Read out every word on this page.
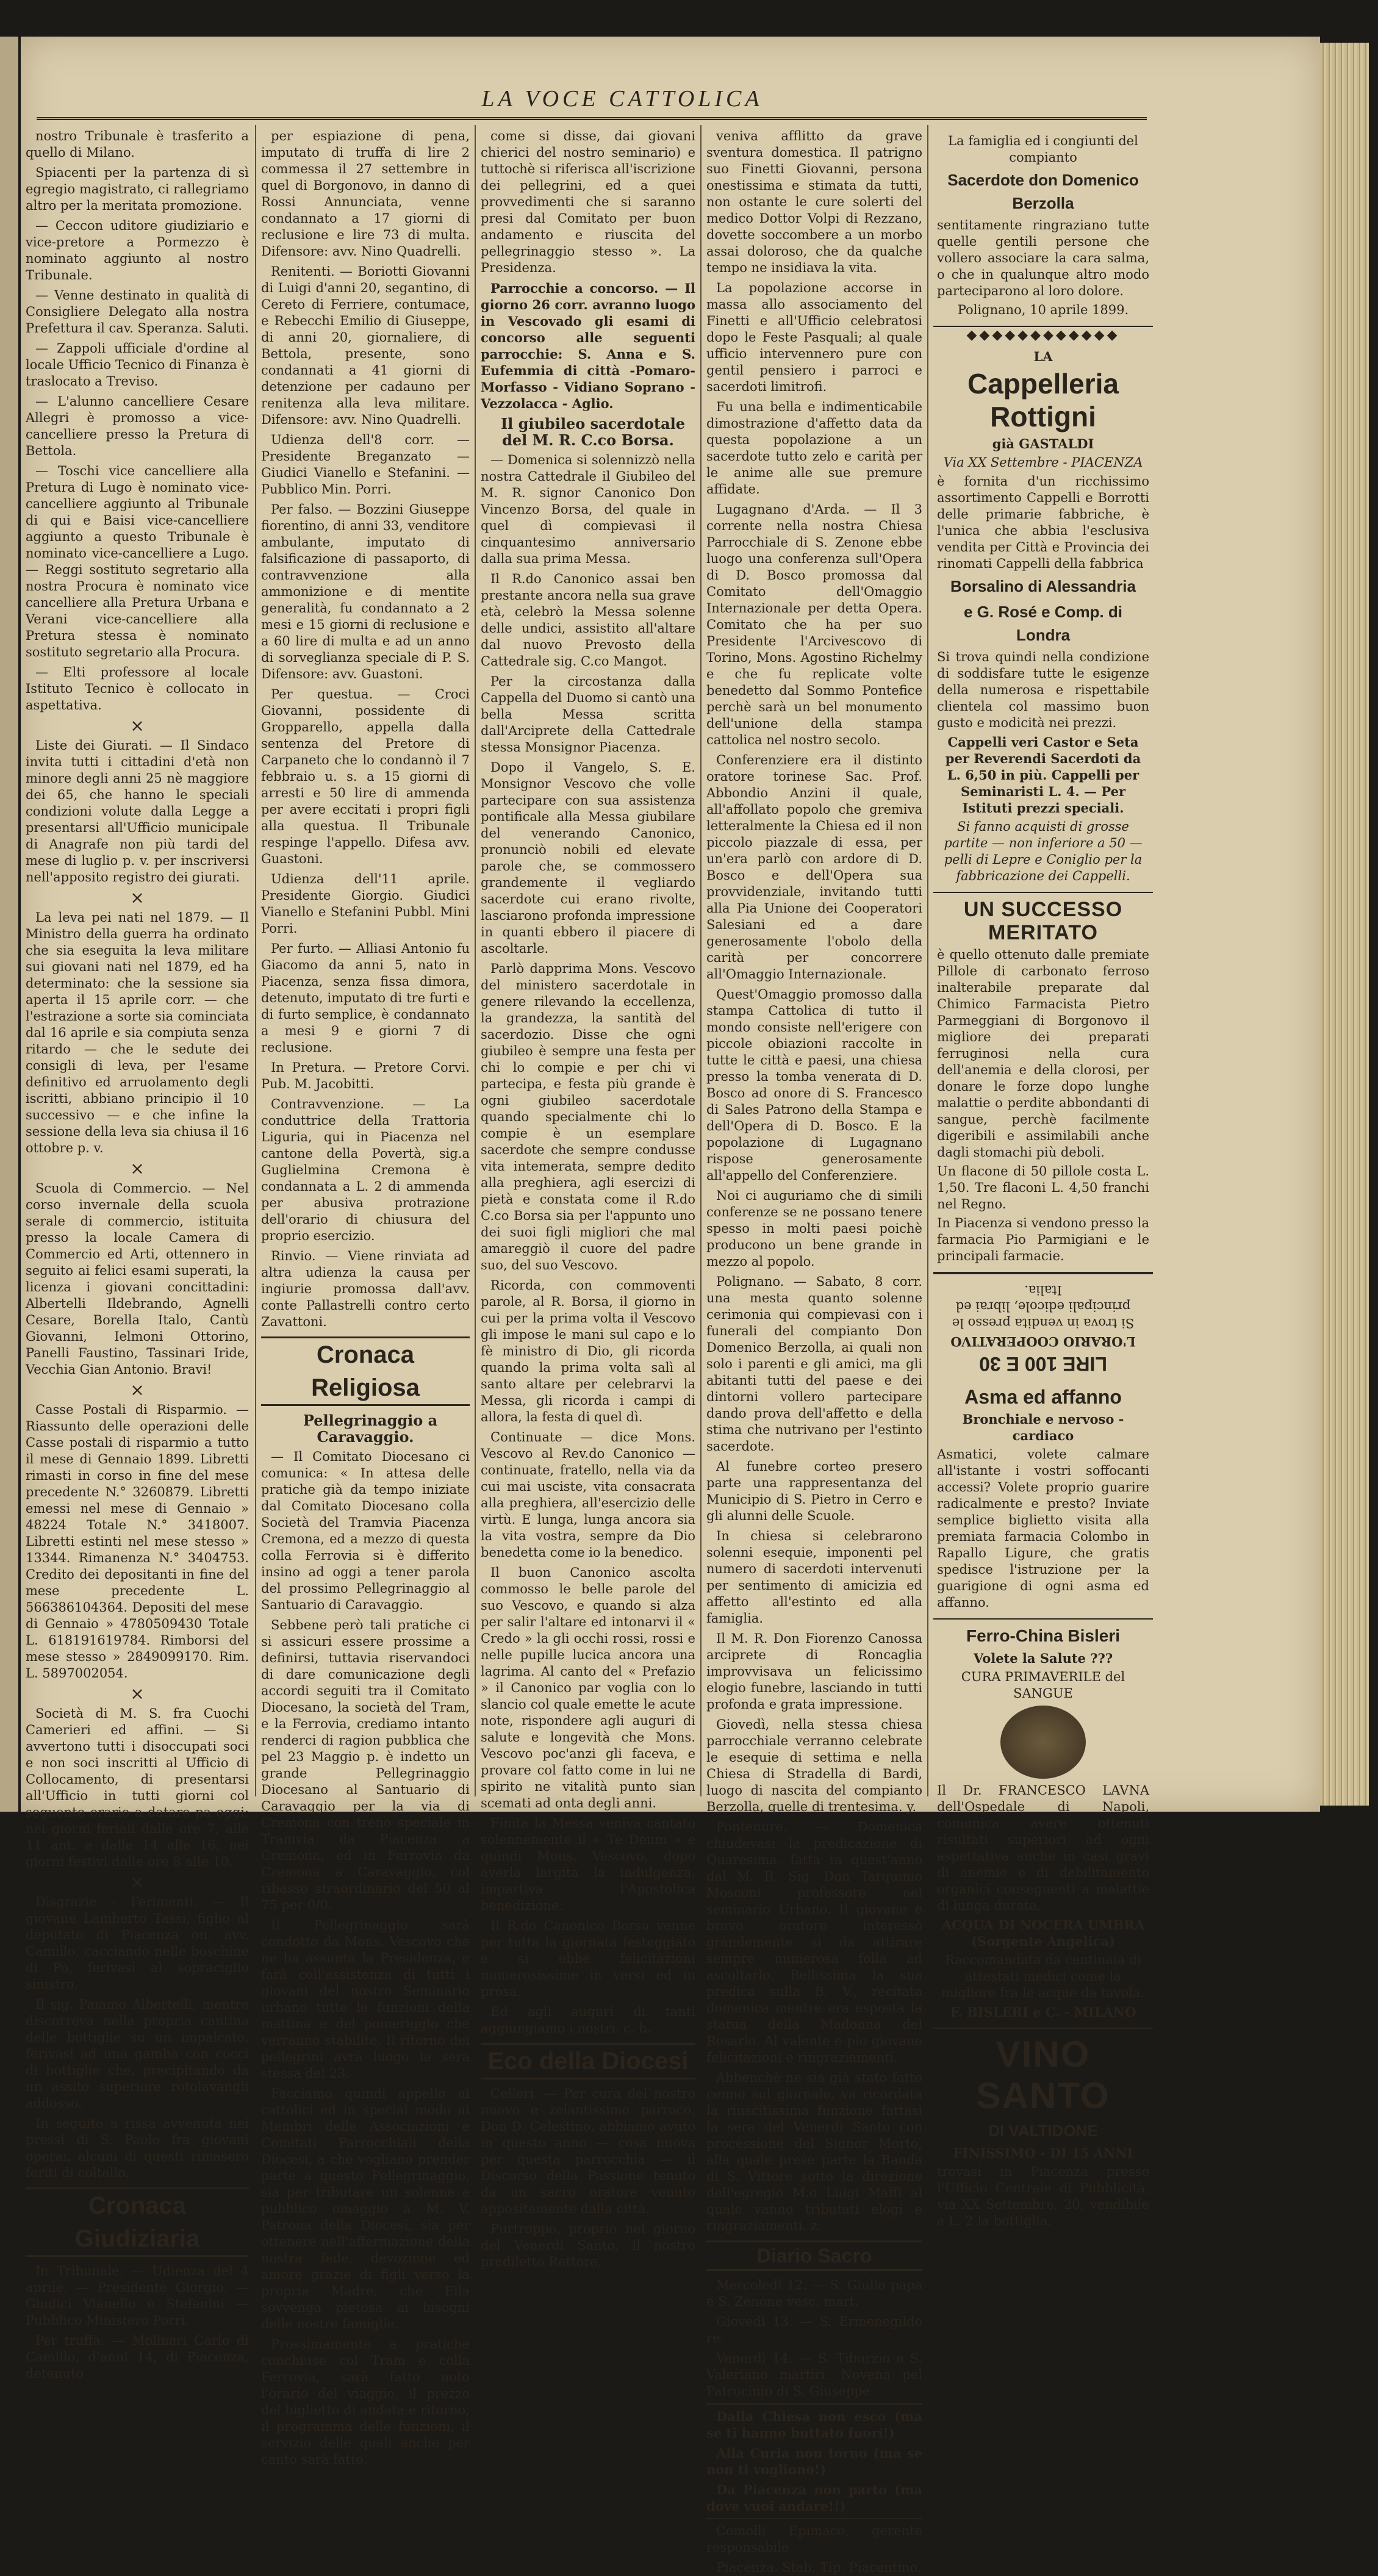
LA VOCE CATTOLICA

nostro Tribunale è trasferito a quello di Milano.

Spiacenti per la partenza di sì egregio magistrato, ci rallegriamo altro per la meritata promozione.

— Ceccon uditore giudiziario e vice-pretore a Pormezzo è nominato aggiunto al nostro Tribunale.

— Venne destinato in qualità di Consigliere Delegato alla nostra Prefettura il cav. Speranza. Saluti.

— Zappoli ufficiale d'ordine al locale Ufficio Tecnico di Finanza è traslocato a Treviso.

— L'alunno cancelliere Cesare Allegri è promosso a vice-cancelliere presso la Pretura di Bettola.

— Toschi vice cancelliere alla Pretura di Lugo è nominato vice-cancelliere aggiunto al Tribunale di qui e Baisi vice-cancelliere aggiunto a questo Tribunale è nominato vice-cancelliere a Lugo. — Reggi sostituto segretario alla nostra Procura è nominato vice cancelliere alla Pretura Urbana e Verani vice-cancelliere alla Pretura stessa è nominato sostituto segretario alla Procura.

— Elti professore al locale Istituto Tecnico è collocato in aspettativa.

×

Liste dei Giurati. — Il Sindaco invita tutti i cittadini d'età non minore degli anni 25 nè maggiore dei 65, che hanno le speciali condizioni volute dalla Legge a presentarsi all'Ufficio municipale di Anagrafe non più tardi del mese di luglio p. v. per inscriversi nell'apposito registro dei giurati.

×

La leva pei nati nel 1879. — Il Ministro della guerra ha ordinato che sia eseguita la leva militare sui giovani nati nel 1879, ed ha determinato: che la sessione sia aperta il 15 aprile corr. — che l'estrazione a sorte sia cominciata dal 16 aprile e sia compiuta senza ritardo — che le sedute dei consigli di leva, per l'esame definitivo ed arruolamento degli iscritti, abbiano principio il 10 successivo — e che infine la sessione della leva sia chiusa il 16 ottobre p. v.

×

Scuola di Commercio. — Nel corso invernale della scuola serale di commercio, istituita presso la locale Camera di Commercio ed Arti, ottennero in seguito ai felici esami superati, la licenza i giovani concittadini: Albertelli Ildebrando, Agnelli Cesare, Borella Italo, Cantù Giovanni, Ielmoni Ottorino, Panelli Faustino, Tassinari Iride, Vecchia Gian Antonio. Bravi!

×

Casse Postali di Risparmio. — Riassunto delle operazioni delle Casse postali di risparmio a tutto il mese di Gennaio 1899. Libretti rimasti in corso in fine del mese precedente N.° 3260879. Libretti emessi nel mese di Gennaio » 48224 Totale N.° 3418007. Libretti estinti nel mese stesso » 13344. Rimanenza N.° 3404753. Credito dei depositanti in fine del mese precedente L. 566386104364. Depositi del mese di Gennaio » 4780509430 Totale L. 618191619784. Rimborsi del mese stesso » 2849099170. Rim. L. 5897002054.

×

Società di M. S. fra Cuochi Camerieri ed affini. — Si avvertono tutti i disoccupati soci e non soci inscritti al Ufficio di Collocamento, di presentarsi all'Ufficio in tutti giorni col seguente orario a datare pa oggi: nei giorni feriali dalle ore 7, alle 11 ant. e dalle 14 alle 16; nei giorni festivi dalle ore 8 alle 10.

×

Disgrazie - Ferimenti. — Il giovane Lamberto Tassi, figlio al deputato di Piacenza on. avv. Camillo, cacciando nelle boschine di Po, ferivasi al sopraciglio sinistro.

Il sig. Paiamo Albertelli, mentre discorreva nella propria cantina delle bottiglie su un impalcato, ferivasi ad una gamba con cocci di bottiglie che, precipitando da un assito superiore rotolavangli addosso.

In seguito a rissa avvenuta nei pressi di S. Paolo fra giovani operai, alcuni di questi rimasero feriti di coltello.

Cronaca Giudiziaria

In Tribunale. — Udienza del 4 aprile. — Presidente Giorgio. — Giudici Vianello e Stefanini — Pubblico Ministero Porri.

Per truffa. — Molinari Carlo di Camillo, d'anni 14, di Piacenza, detenuto

per espiazione di pena, imputato di truffa di lire 2 commessa il 27 settembre in quel di Borgonovo, in danno di Rossi Annunciata, venne condannato a 17 giorni di reclusione e lire 73 di multa. Difensore: avv. Nino Quadrelli.

Renitenti. — Boriotti Giovanni di Luigi d'anni 20, segantino, di Cereto di Ferriere, contumace, e Rebecchi Emilio di Giuseppe, di anni 20, giornaliere, di Bettola, presente, sono condannati a 41 giorni di detenzione per cadauno per renitenza alla leva militare. Difensore: avv. Nino Quadrelli.

Udienza dell'8 corr. — Presidente Breganzato — Giudici Vianello e Stefanini. — Pubblico Min. Porri.

Per falso. — Bozzini Giuseppe fiorentino, di anni 33, venditore ambulante, imputato di falsificazione di passaporto, di contravvenzione alla ammonizione e di mentite generalità, fu condannato a 2 mesi e 15 giorni di reclusione e a 60 lire di multa e ad un anno di sorveglianza speciale di P. S. Difensore: avv. Guastoni.

Per questua. — Croci Giovanni, possidente di Gropparello, appella dalla sentenza del Pretore di Carpaneto che lo condannò il 7 febbraio u. s. a 15 giorni di arresti e 50 lire di ammenda per avere eccitati i propri figli alla questua. Il Tribunale respinge l'appello. Difesa avv. Guastoni.

Udienza dell'11 aprile. Presidente Giorgio. Giudici Vianello e Stefanini Pubbl. Mini Porri.

Per furto. — Alliasi Antonio fu Giacomo da anni 5, nato in Piacenza, senza fissa dimora, detenuto, imputato di tre furti e di furto semplice, è condannato a mesi 9 e giorni 7 di reclusione.

In Pretura. — Pretore Corvi. Pub. M. Jacobitti.

Contravvenzione. — La conduttrice della Trattoria Liguria, qui in Piacenza nel cantone della Povertà, sig.a Guglielmina Cremona è condannata a L. 2 di ammenda per abusiva protrazione dell'orario di chiusura del proprio esercizio.

Rinvio. — Viene rinviata ad altra udienza la causa per ingiurie promossa dall'avv. conte Pallastrelli contro certo Zavattoni.

Cronaca Religiosa

Pellegrinaggio a Caravaggio.

— Il Comitato Diocesano ci comunica: « In attesa delle pratiche già da tempo iniziate dal Comitato Diocesano colla Società del Tramvia Piacenza Cremona, ed a mezzo di questa colla Ferrovia si è differito insino ad oggi a tener parola del prossimo Pellegrinaggio al Santuario di Caravaggio.

Sebbene però tali pratiche ci si assicuri essere prossime a definirsi, tuttavia riservandoci di dare comunicazione degli accordi seguiti tra il Comitato Diocesano, la società del Tram, e la Ferrovia, crediamo intanto renderci di ragion pubblica che pel 23 Maggio p. è indetto un grande Pellegrinaggio Diocesano al Santuario di Caravaggio per la via di Cremona con treno speciale in Tramvia da Piacenza a Cremona, ed in Ferrovia da Cremona a Caravaggio, col ribasso straordinario del 50 al 75 per 0/0.

Il Pellegrinaggio sarà condotto da Mons. Vescovo che ne ha assunta la Presidenza, e farà coll'assistenza di tutti i giovani del nostro Seminario urbano tutte le funzioni della mattina e del pomeriggio che verranno stabilite. Il ritorno dei pellegrini avrà luogo la sera stessa del 23.

Facciamo quindi appello ai cattolici ed in special modo ai Membri delle Associazioni e Comitati Parrocchiali della Diocesi, a che vogliano prender parte a questo Pellegrinaggio, sia per tributare un solenne e pubblico omaggio a M. V. Patrona della Diocesi, sia per ottenere nell'affermazione della nostra fede, devozione ed amore grazie di figli verso la propria Madre, che Ella sovvenga pietosa ai bisogni delle nostre famiglie.

Prossimamente a pratiche conchiuse col Tram e colla Ferrovia, sarà fatto noto l'orario del viaggio, il prezzo del biglietto di andata e ritorno, il programma delle funzioni, il servizio delle quali anche per canto sarà fatto,

come si disse, dai giovani chierici del nostro seminario) e tuttochè si riferisca all'iscrizione dei pellegrini, ed a quei provvedimenti che si saranno presi dal Comitato per buon andamento e riuscita del pellegrinaggio stesso ». La Presidenza.

Parrocchie a concorso. — Il giorno 26 corr. avranno luogo in Vescovado gli esami di concorso alle seguenti parrocchie: S. Anna e S. Eufemmia di città -Pomaro- Morfasso - Vidiano Soprano - Vezzolacca - Aglio.

Il giubileo sacerdotale del M. R. C.co Borsa.

— Domenica si solennizzò nella nostra Cattedrale il Giubileo del M. R. signor Canonico Don Vincenzo Borsa, del quale in quel dì compievasi il cinquantesimo anniversario dalla sua prima Messa.

Il R.do Canonico assai ben prestante ancora nella sua grave età, celebrò la Messa solenne delle undici, assistito all'altare dal nuovo Prevosto della Cattedrale sig. C.co Mangot.

Per la circostanza dalla Cappella del Duomo si cantò una bella Messa scritta dall'Arciprete della Cattedrale stessa Monsignor Piacenza.

Dopo il Vangelo, S. E. Monsignor Vescovo che volle partecipare con sua assistenza pontificale alla Messa giubilare del venerando Canonico, pronunciò nobili ed elevate parole che, se commossero grandemente il vegliardo sacerdote cui erano rivolte, lasciarono profonda impressione in quanti ebbero il piacere di ascoltarle.

Parlò dapprima Mons. Vescovo del ministero sacerdotale in genere rilevando la eccellenza, la grandezza, la santità del sacerdozio. Disse che ogni giubileo è sempre una festa per chi lo compie e per chi vi partecipa, e festa più grande è ogni giubileo sacerdotale quando specialmente chi lo compie è un esemplare sacerdote che sempre condusse vita intemerata, sempre dedito alla preghiera, agli esercizi di pietà e constata come il R.do C.co Borsa sia per l'appunto uno dei suoi figli migliori che mal amareggiò il cuore del padre suo, del suo Vescovo.

Ricorda, con commoventi parole, al R. Borsa, il giorno in cui per la prima volta il Vescovo gli impose le mani sul capo e lo fè ministro di Dio, gli ricorda quando la prima volta salì al santo altare per celebrarvi la Messa, gli ricorda i campi di allora, la festa di quel dì.

Continuate — dice Mons. Vescovo al Rev.do Canonico — continuate, fratello, nella via da cui mai usciste, vita consacrata alla preghiera, all'esercizio delle virtù. E lunga, lunga ancora sia la vita vostra, sempre da Dio benedetta come io la benedico.

Il buon Canonico ascolta commosso le belle parole del suo Vescovo, e quando si alza per salir l'altare ed intonarvi il « Credo » la gli occhi rossi, rossi e nelle pupille lucica ancora una lagrima. Al canto del « Prefazio » il Canonico par voglia con lo slancio col quale emette le acute note, rispondere agli auguri di salute e longevità che Mons. Vescovo poc'anzi gli faceva, e provare col fatto come in lui ne spirito ne vitalità punto sian scemati ad onta degli anni.

Finita la Messa veniva cantato solennemente il « Te Deum » e quindi Mons. Vescovo, dopo averla largita la indulgenza, impartiva l'Apostolica benedizione.

Il R.do Canonico Borsa venne per tutta la giornata festeggiato e si ebbe felicitazioni numerosissime in versi ed in prosa.

Ed agli auguri di tanti aggiungiamo i nostri. c. b.

Eco della Diocesi

Celleri. — Per cura del nostro nuovo e zelantissimo parroco, Don D. Celestino, abbiamo avuto in questo anno — cosa nuova per questa parrocchia — il Discorso della Passione tenuto da un sacro oratore venuto appositamente dalla città.

Purtroppo, proprio nel giorno del Venerdì Santo, il nostro prediletto Rettore,

veniva afflitto da grave sventura domestica. Il patrigno suo Finetti Giovanni, persona onestissima e stimata da tutti, non ostante le cure solerti del medico Dottor Volpi di Rezzano, dovette soccombere a un morbo assai doloroso, che da qualche tempo ne insidiava la vita.

La popolazione accorse in massa allo associamento del Finetti e all'Ufficio celebratosi dopo le Feste Pasquali; al quale ufficio intervennero pure con gentil pensiero i parroci e sacerdoti limitrofi.

Fu una bella e indimenticabile dimostrazione d'affetto data da questa popolazione a un sacerdote tutto zelo e carità per le anime alle sue premure affidate.

Lugagnano d'Arda. — Il 3 corrente nella nostra Chiesa Parrocchiale di S. Zenone ebbe luogo una conferenza sull'Opera di D. Bosco promossa dal Comitato dell'Omaggio Internazionale per detta Opera. Comitato che ha per suo Presidente l'Arcivescovo di Torino, Mons. Agostino Richelmy e che fu replicate volte benedetto dal Sommo Pontefice perchè sarà un bel monumento dell'unione della stampa cattolica nel nostro secolo.

Conferenziere era il distinto oratore torinese Sac. Prof. Abbondio Anzini il quale, all'affollato popolo che gremiva letteralmente la Chiesa ed il non piccolo piazzale di essa, per un'era parlò con ardore di D. Bosco e dell'Opera sua provvidenziale, invitando tutti alla Pia Unione dei Cooperatori Salesiani ed a dare generosamente l'obolo della carità per concorrere all'Omaggio Internazionale.

Quest'Omaggio promosso dalla stampa Cattolica di tutto il mondo consiste nell'erigere con piccole obiazioni raccolte in tutte le città e paesi, una chiesa presso la tomba venerata di D. Bosco ad onore di S. Francesco di Sales Patrono della Stampa e dell'Opera di D. Bosco. E la popolazione di Lugagnano rispose generosamente all'appello del Conferenziere.

Noi ci auguriamo che di simili conferenze se ne possano tenere spesso in molti paesi poichè producono un bene grande in mezzo al popolo.

Polignano. — Sabato, 8 corr. una mesta quanto solenne cerimonia qui compievasi con i funerali del compianto Don Domenico Berzolla, ai quali non solo i parenti e gli amici, ma gli abitanti tutti del paese e dei dintorni vollero partecipare dando prova dell'affetto e della stima che nutrivano per l'estinto sacerdote.

Al funebre corteo presero parte una rappresentanza del Municipio di S. Pietro in Cerro e gli alunni delle Scuole.

In chiesa si celebrarono solenni esequie, imponenti pel numero di sacerdoti intervenuti per sentimento di amicizia ed affetto all'estinto ed alla famiglia.

Il M. R. Don Fiorenzo Canossa arciprete di Roncaglia improvvisava un felicissimo elogio funebre, lasciando in tutti profonda e grata impressione.

Giovedì, nella stessa chiesa parrocchiale verranno celebrate le esequie di settima e nella Chiesa di Stradella di Bardi, luogo di nascita del compianto Berzolla, quelle di trentesima. y.

Pontenure. — Domenica chiudevasi la predicazione di Quaresima, fatta in quest'anno dal M. R. Sig. Don Tarquinio Mosconi professore nel seminario Urbano. Il giovane e bravo oratore interessò grandemente si da attirare sempre numerosa folla ad ascoltarlo. Bellissima la sua predica sulla B. V., recitata domenica mentre era esposta la statua della Madonna del Rosario. Al valente e pio giovane felicitazioni e ringraziamenti.

Abbenchè ne sia già stato fatto cenno sul giornale, va ricordata la riuscitissima funzione fattasi la sera del Venerdì Santo con processione del Signor Morto, alla quale prese parte la Banda di S. Vittore sotto la direzione dell'egregio M.o Luigi Maffi al quale vanno tributati elogi e ringraziamenti. z.

Diario Sacro

Mercoledì 12. — S. Giulio papa e S. Zenone vesc. mart.

Giovedì 13. — S. Ermenegildo re.

Venerdì 14. — S. Tiburzio e S. Valeriano martiri. Novena pel Patrocinio di S. Giuseppe.

Dalla Chiesa non esco (ma se ti hanno buttato fuori!)

Alla Curia non torno (ma se non ti vogliono!)

Da Piacenza non parto (ma dove vuoi andare!!)

Comolli Epimaco, gerente responsabile

Piacenza. Stab. Tip. Piacentino.

La famiglia ed i congiunti del compianto

Sacerdote don Domenico Berzolla

sentitamente ringraziano tutte quelle gentili persone che vollero associare la cara salma, o che in qualunque altro modo parteciparono al loro dolore.

Polignano, 10 aprile 1899.

◆◆◆◆◆◆◆◆◆◆◆◆

LA

Cappelleria Rottigni

già GASTALDI

Via XX Settembre - PIACENZA

è fornita d'un ricchissimo assortimento Cappelli e Borrotti delle primarie fabbriche, è l'unica che abbia l'esclusiva vendita per Città e Provincia dei rinomati Cappelli della fabbrica

Borsalino di Alessandria

e G. Rosé e Comp. di Londra

Si trova quindi nella condizione di soddisfare tutte le esigenze della numerosa e rispettabile clientela col massimo buon gusto e modicità nei prezzi.

Cappelli veri Castor e Seta per Reverendi Sacerdoti da L. 6,50 in più. Cappelli per Seminaristi L. 4. — Per Istituti prezzi speciali.

Si fanno acquisti di grosse partite — non inferiore a 50 — pelli di Lepre e Coniglio per la fabbricazione dei Cappelli.

UN SUCCESSO MERITATO

è quello ottenuto dalle premiate Pillole di carbonato ferroso inalterabile preparate dal Chimico Farmacista Pietro Parmeggiani di Borgonovo il migliore dei preparati ferruginosi nella cura dell'anemia e della clorosi, per donare le forze dopo lunghe malattie o perdite abbondanti di sangue, perchè facilmente digeribili e assimilabili anche dagli stomachi più deboli.

Un flacone di 50 pillole costa L. 1,50. Tre flaconi L. 4,50 franchi nel Regno.

In Piacenza si vendono presso la farmacia Pio Parmigiani e le principali farmacie.

LIRE 100 E 30

L'ORARIO COOPERATIVO

Si trova in vendita presso le principali edicole, librai ed Italia.

Asma ed affanno

Bronchiale e nervoso - cardiaco

Asmatici, volete calmare all'istante i vostri soffocanti accessi? Volete proprio guarire radicalmente e presto? Inviate semplice biglietto visita alla premiata farmacia Colombo in Rapallo Ligure, che gratis spedisce l'istruzione per la guarigione di ogni asma ed affanno.

Ferro-China Bisleri

Volete la Salute ???

CURA PRIMAVERILE del SANGUE

Il Dr. FRANCESCO LAVNA dell'Ospedale di Napoli, comunica avere ottenuti risultati superiori ad ogni aspettativa anche in casi gravi di anemie e di debilitamento organici conseguenti a malattie di lunga durata.

ACQUA DI NOCERA UMBRA (Sorgente Angelica)

Raccomandata da centinaia di attestati medici come la migliore fra le acque da tavola.

F. BISLERI e C. - MILANO

VINO SANTO

DI VALTIDONE

FINISSIMO - DI 15 ANNI

trovasi in Piacenza presso l'Ufficio Centrale di Pubblicità, via XX Settembre, 20, vendibile a L. 2 la bottiglia.
